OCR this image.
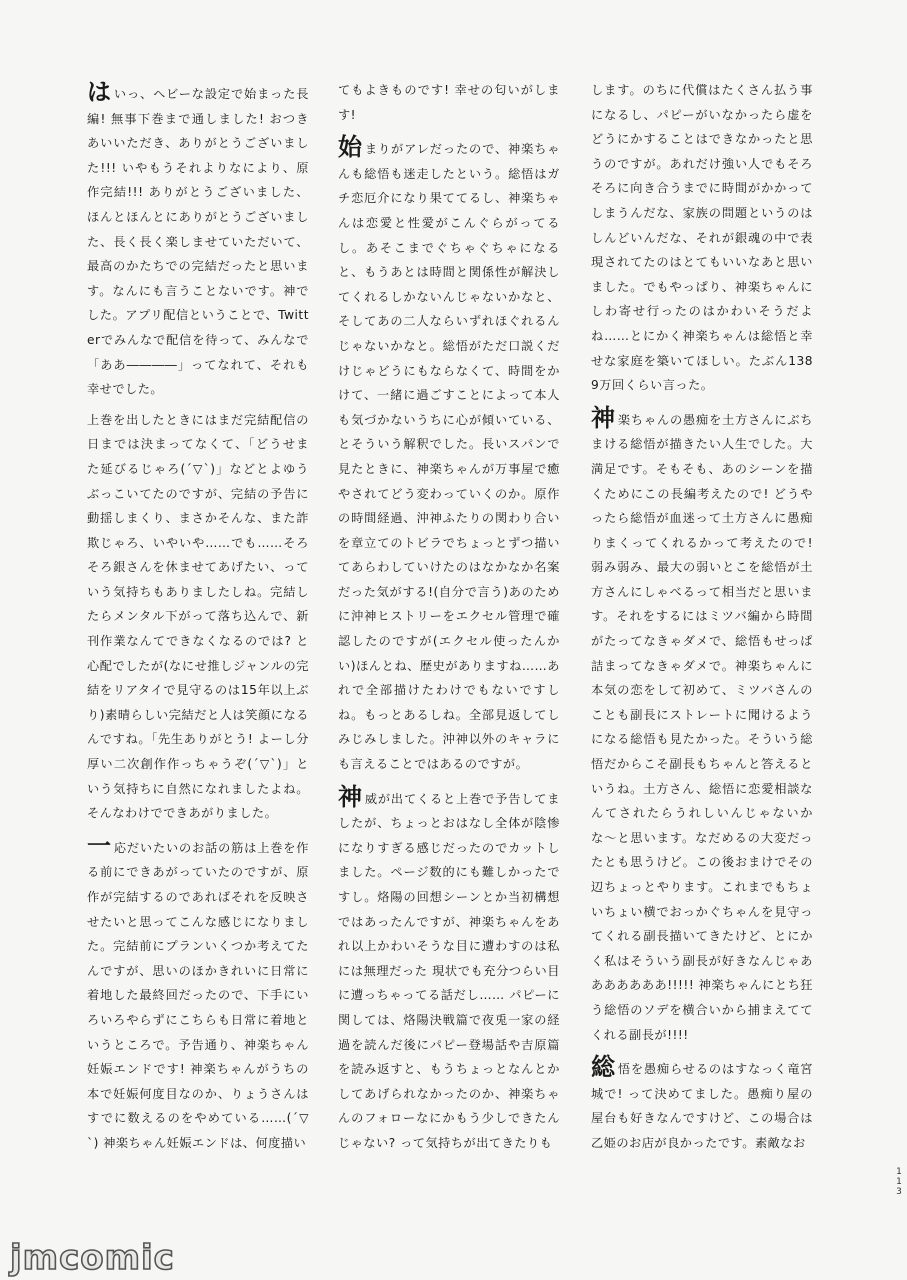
はいっ、ヘビーな設定で始まった長編! 無事下巻まで通しました! おつきあいいただき、ありがとうございました!!! いやもうそれよりなにより、原作完結!!! ありがとうございました、ほんとほんとにありがとうございました、長く長く楽しませていただいて、最高のかたちでの完結だったと思います。なんにも言うことないです。神でした。アプリ配信ということで、Twitterでみんなで配信を待って、みんなで「ああ――――」ってなれて、それも幸せでした。

上巻を出したときにはまだ完結配信の日までは決まってなくて、「どうせまた延びるじゃろ(´▽`)」などとよゆうぶっこいてたのですが、完結の予告に動揺しまくり、まさかそんな、また詐欺じゃろ、いやいや……でも……そろそろ銀さんを休ませてあげたい、っていう気持ちもありましたしね。完結したらメンタル下がって落ち込んで、新刊作業なんてできなくなるのでは? と心配でしたが(なにせ推しジャンルの完結をリアタイで見守るのは15年以上ぶり)素晴らしい完結だと人は笑顔になるんですね。「先生ありがとう! よーし分厚い二次創作作っちゃうぞ(´▽`)」という気持ちに自然になれましたよね。そんなわけでできあがりました。

一応だいたいのお話の筋は上巻を作る前にできあがっていたのですが、原作が完結するのであればそれを反映させたいと思ってこんな感じになりました。完結前にプランいくつか考えてたんですが、思いのほかきれいに日常に着地した最終回だったので、下手にいろいろやらずにこちらも日常に着地というところで。予告通り、神楽ちゃん妊娠エンドです! 神楽ちゃんがうちの本で妊娠何度目なのか、りょうさんはすでに数えるのをやめている……(´▽`) 神楽ちゃん妊娠エンドは、何度描い

てもよきものです! 幸せの匂いがします!

始まりがアレだったので、神楽ちゃんも総悟も迷走したという。総悟はガチ恋厄介になり果ててるし、神楽ちゃんは恋愛と性愛がこんぐらがってるし。あそこまでぐちゃぐちゃになると、もうあとは時間と関係性が解決してくれるしかないんじゃないかなと、そしてあの二人ならいずれほぐれるんじゃないかなと。総悟がただ口説くだけじゃどうにもならなくて、時間をかけて、一緒に過ごすことによって本人も気づかないうちに心が傾いている、とそういう解釈でした。長いスパンで見たときに、神楽ちゃんが万事屋で癒やされてどう変わっていくのか。原作の時間経過、沖神ふたりの関わり合いを章立てのトビラでちょっとずつ描いてあらわしていけたのはなかなか名案だった気がする!(自分で言う)あのために沖神ヒストリーをエクセル管理で確認したのですが(エクセル使ったんかい)ほんとね、歴史がありますね……あれで全部描けたわけでもないですしね。もっとあるしね。全部見返してしみじみしました。沖神以外のキャラにも言えることではあるのですが。

神威が出てくると上巻で予告してましたが、ちょっとおはなし全体が陰惨になりすぎる感じだったのでカットしました。ページ数的にも難しかったですし。烙陽の回想シーンとか当初構想ではあったんですが、神楽ちゃんをあれ以上かわいそうな目に遭わすのは私には無理だった 現状でも充分つらい目に遭っちゃってる話だし…… パピーに関しては、烙陽決戦篇で夜兎一家の経過を読んだ後にパピー登場話や吉原篇を読み返すと、もうちょっとなんとかしてあげられなかったのか、神楽ちゃんのフォローなにかもう少しできたんじゃない? って気持ちが出てきたりも

します。のちに代償はたくさん払う事になるし、パピーがいなかったら虚をどうにかすることはできなかったと思うのですが。あれだけ強い人でもそろそろに向き合うまでに時間がかかってしまうんだな、家族の問題というのはしんどいんだな、それが銀魂の中で表現されてたのはとてもいいなあと思いました。でもやっぱり、神楽ちゃんにしわ寄せ行ったのはかわいそうだよね……とにかく神楽ちゃんは総悟と幸せな家庭を築いてほしい。たぶん1389万回くらい言った。

神楽ちゃんの愚痴を土方さんにぶちまける総悟が描きたい人生でした。大満足です。そもそも、あのシーンを描くためにこの長編考えたので! どうやったら総悟が血迷って土方さんに愚痴りまくってくれるかって考えたので! 弱み弱み、最大の弱いとこを総悟が土方さんにしゃべるって相当だと思います。それをするにはミツバ編から時間がたってなきゃダメで、総悟もせっぱ詰まってなきゃダメで。神楽ちゃんに本気の恋をして初めて、ミツバさんのことも副長にストレートに聞けるようになる総悟も見たかった。そういう総悟だからこそ副長もちゃんと答えるというね。土方さん、総悟に恋愛相談なんてされたらうれしいんじゃないかな〜と思います。なだめるの大変だったとも思うけど。この後おまけでその辺ちょっとやります。これまでもちょいちょい横でおっかぐちゃんを見守ってくれる副長描いてきたけど、とにかく私はそういう副長が好きなんじゃあああああああ!!!!! 神楽ちゃんにとち狂う総悟のソデを横合いから捕まえててくれる副長が!!!!

総悟を愚痴らせるのはすなっく竜宮城で! って決めてました。愚痴り屋の屋台も好きなんですけど、この場合は乙姫のお店が良かったです。素敵なお

1
1
3
jmcomic
